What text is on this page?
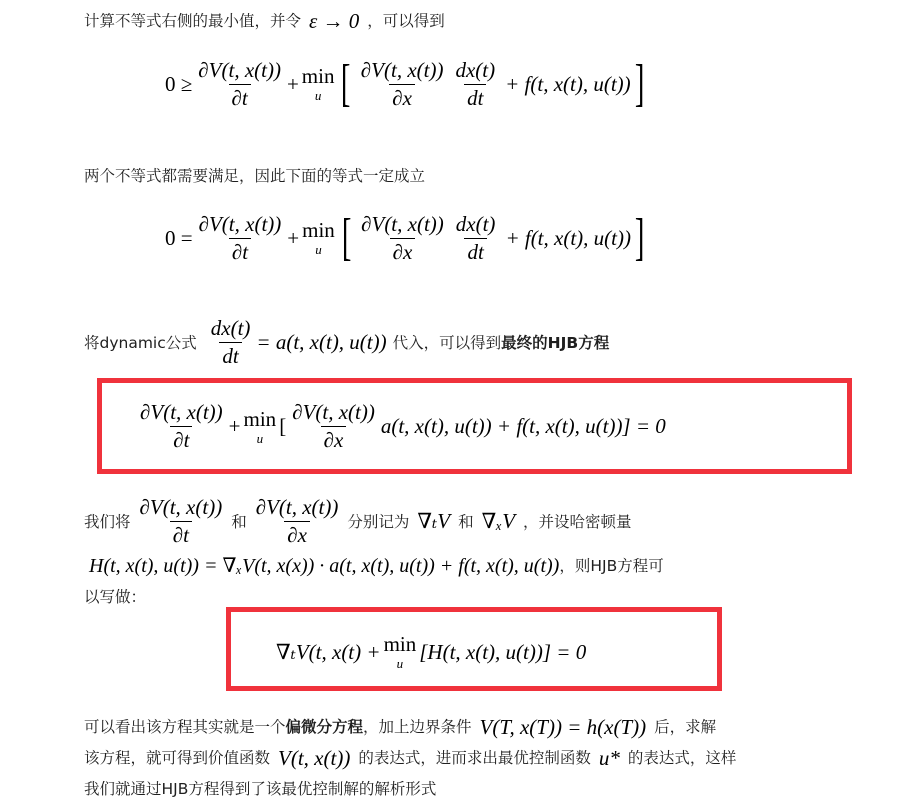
计算不等式右侧的最小值，并令 ε → 0 ，可以得到
$0 \ge \frac{\partial V(t, x(t))}{\partial t} + \min$
u [ $\frac{\partial V(t, x(t))}{\partial x} \frac{dx(t)}{dt} + f(t$, x(t), u(t)) ]
两个不等式都需要满足，因此下面的等式一定成立
$0 = \frac{\partial V(t, x(t))}{\partial t} + \min$
u [ $\frac{\partial V(t, x(t))}{\partial x} \frac{dx(t)}{dt} + f(t$, x(t), u(t)) ]
将dynamic公式 $\frac{dx(t)}{dt} = a(t$, x(t), u(t)) 代入，可以得到 最终的HJB方程
$\frac{\partial V(t, x(t))}{\partial t} + \min$
u [ $\frac{\partial V(t, x(t))}{\partial x} a(t$, x(t), u(t)) + f(t, x(t), u(t))] = 0
我们将 $\frac{\partial V(t, x(t))}{\partial t}$ 和 $\frac{\partial V(t, x(t))}{\partial x}$ 分别记为 ∇ₜV 和 ∇ₓV ，并设哈密顿量
H(t, x(t), u(t)) = ∇ₓV(t, x(x)) · a(t, x(t), u(t)) + f(t, x(t), u(t)) ，则HJB方程可
以写做：
∇ₜV(t, x(t) + min
u [H(t, x(t), u(t))] = 0
可以看出该方程其实就是一个 偏微分方程 ，加上边界条件 V(T, x(T)) = h(x(T)) 后，求解
该方程，就可得到价值函数 V(t, x(t)) 的表达式，进而求出最优控制函数 u* 的表达式，这样
我们就通过HJB方程得到了该最优控制解的解析形式
